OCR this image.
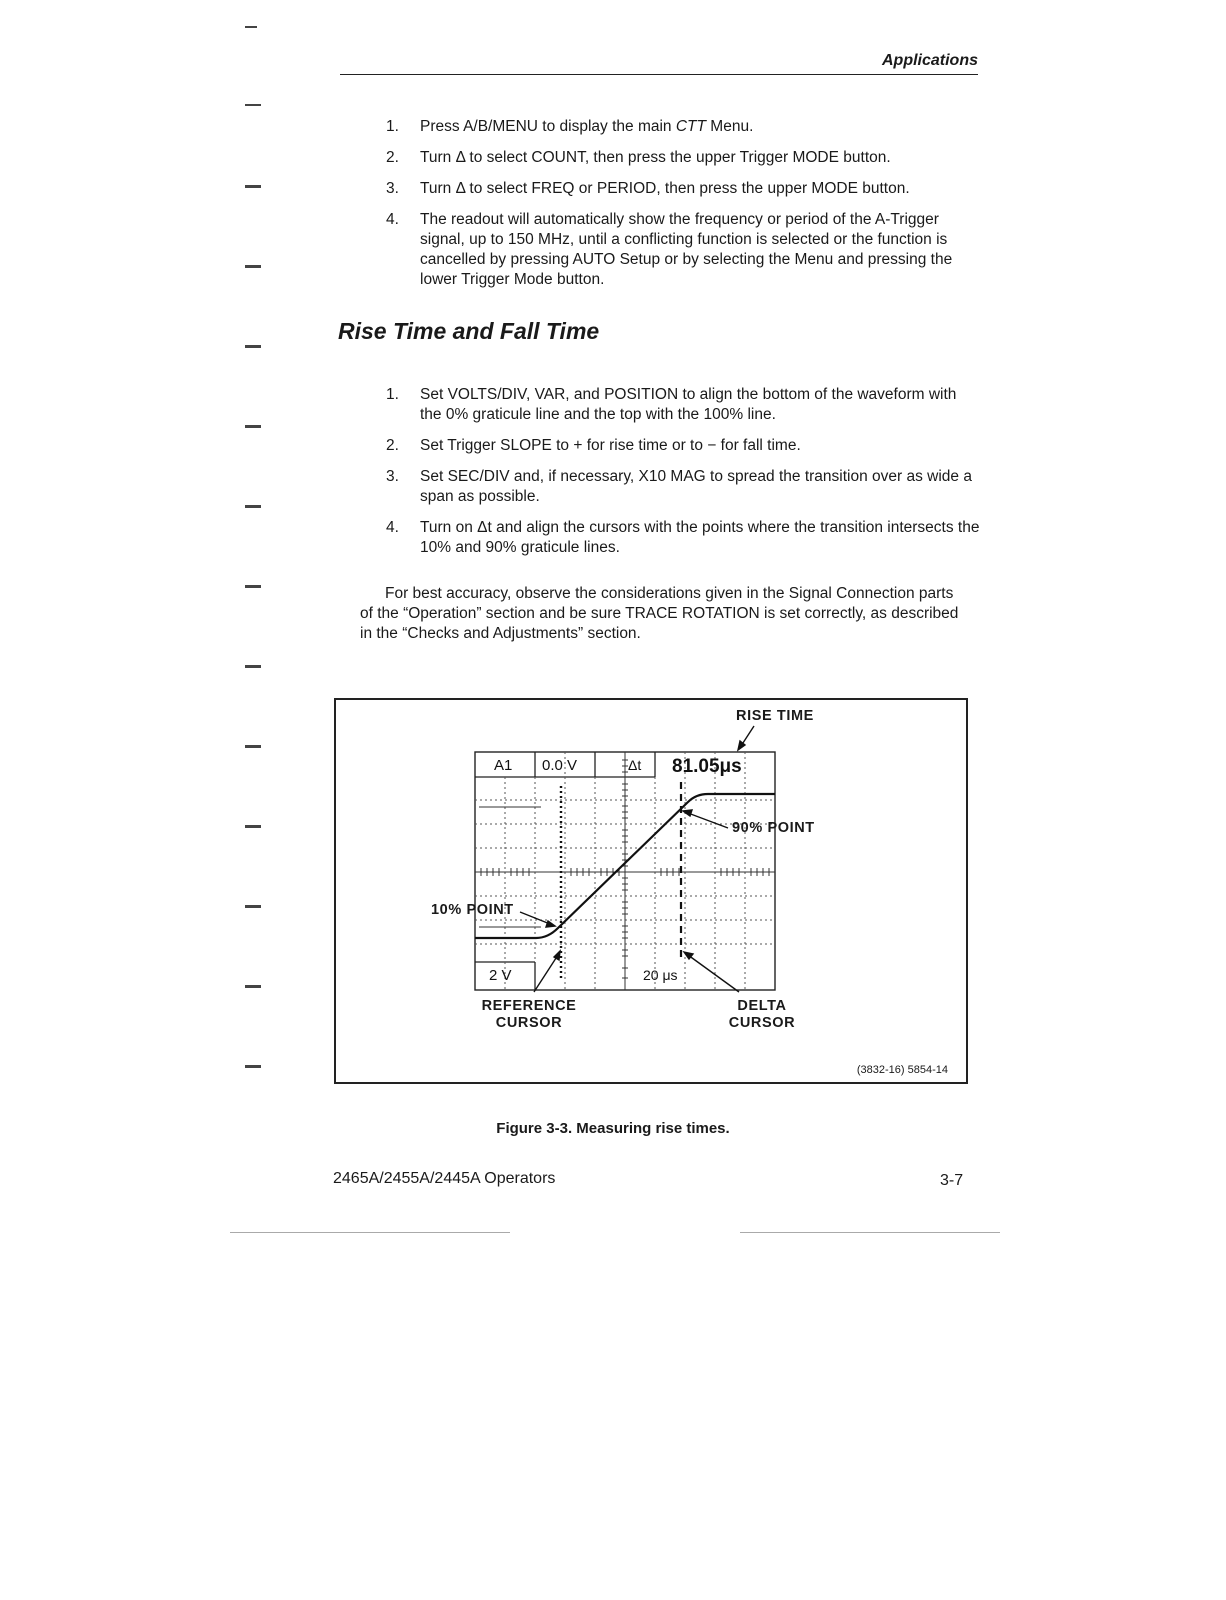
Applications
1. Press A/B/MENU to display the main CTT Menu.
2. Turn Δ to select COUNT, then press the upper Trigger MODE button.
3. Turn Δ to select FREQ or PERIOD, then press the upper MODE button.
4. The readout will automatically show the frequency or period of the A-Trigger signal, up to 150 MHz, until a conflicting function is selected or the function is cancelled by pressing AUTO Setup or by selecting the Menu and pressing the lower Trigger Mode button.
Rise Time and Fall Time
1. Set VOLTS/DIV, VAR, and POSITION to align the bottom of the waveform with the 0% graticule line and the top with the 100% line.
2. Set Trigger SLOPE to + for rise time or to − for fall time.
3. Set SEC/DIV and, if necessary, X10 MAG to spread the transition over as wide a span as possible.
4. Turn on Δt and align the cursors with the points where the transition intersects the 10% and 90% graticule lines.

For best accuracy, observe the considerations given in the Signal Connection parts of the “Operation” section and be sure TRACE ROTATION is set correctly, as described in the “Checks and Adjustments” section.

A1 0.0 V	Δt 81.05μs
2 V	20 μs
RISE TIME
90% POINT
10% POINT
REFERENCE
CURSOR
DELTA
CURSOR
(3832-16) 5854-14
Figure 3-3. Measuring rise times.
2465A/2455A/2445A Operators	3-7
